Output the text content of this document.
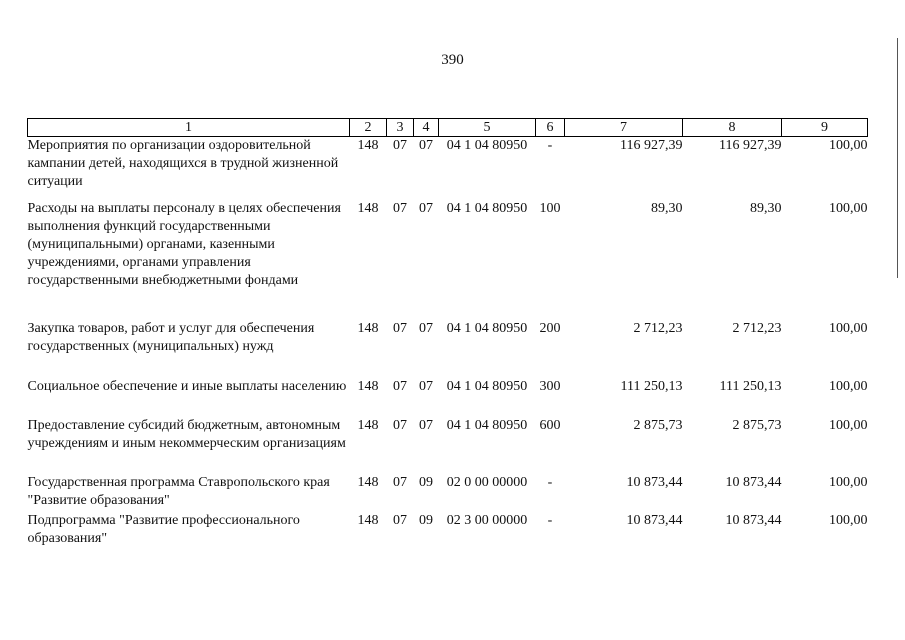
390
1	2	3	4	5	6	7	8	9
Мероприятия по организации оздоровительной кампании детей, находящихся в трудной жизненной ситуации	148	07	07	04 1 04 80950	-	116 927,39	116 927,39	100,00
Расходы на выплаты персоналу в целях обеспечения выполнения функций государственными (муниципальными) органами, казенными учреждениями, органами управления государственными внебюджетными фондами	148	07	07	04 1 04 80950	100	89,30	89,30	100,00
Закупка товаров, работ и услуг для обеспечения государственных (муниципальных) нужд	148	07	07	04 1 04 80950	200	2 712,23	2 712,23	100,00
Социальное обеспечение и иные выплаты населению	148	07	07	04 1 04 80950	300	111 250,13	111 250,13	100,00
Предоставление субсидий бюджетным, автономным учреждениям и иным некоммерческим организациям	148	07	07	04 1 04 80950	600	2 875,73	2 875,73	100,00
Государственная программа Ставропольского края "Развитие образования"	148	07	09	02 0 00 00000	-	10 873,44	10 873,44	100,00
Подпрограмма "Развитие профессионального образования"	148	07	09	02 3 00 00000	-	10 873,44	10 873,44	100,00
